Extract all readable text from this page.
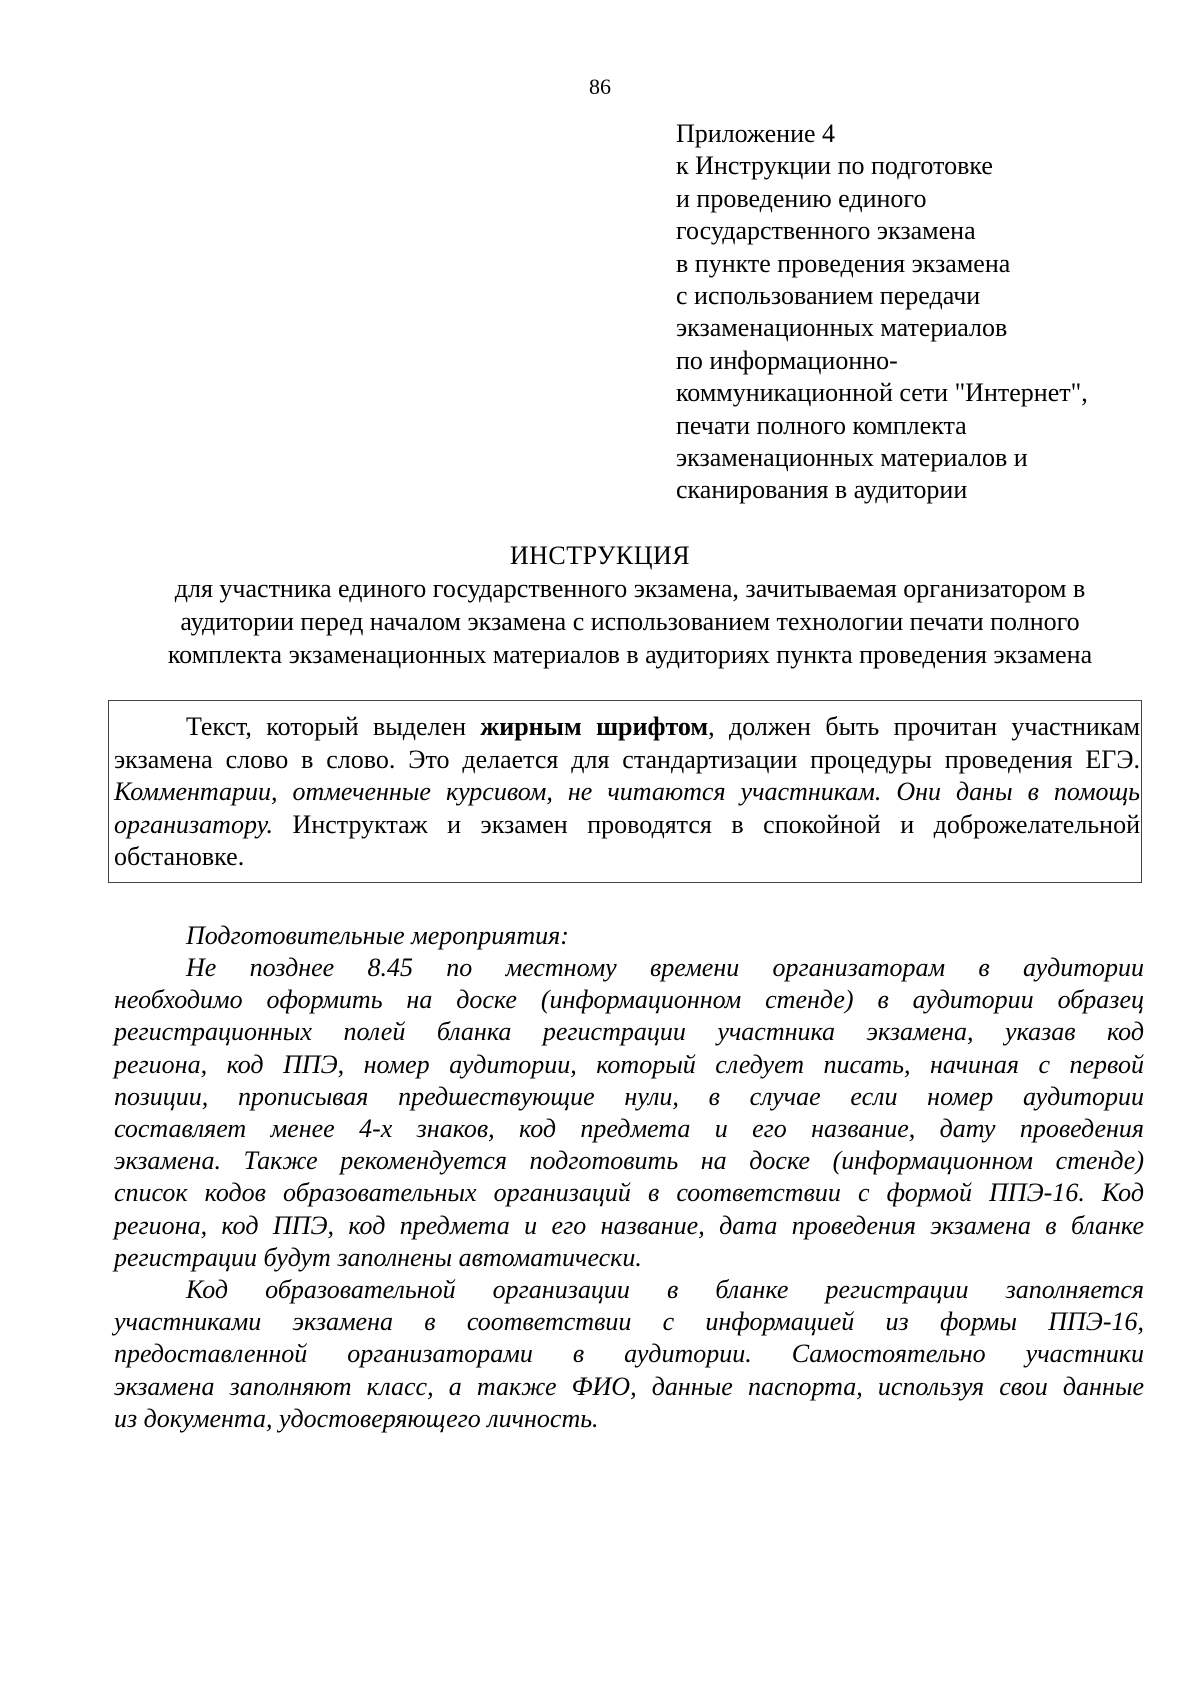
86
Приложение 4
к Инструкции по подготовке
и проведению единого
государственного экзамена
в пункте проведения экзамена
с использованием передачи
экзаменационных материалов
по информационно-
коммуникационной сети "Интернет",
печати полного комплекта
экзаменационных материалов и
сканирования в аудитории
ИНСТРУКЦИЯ
для участника единого государственного экзамена, зачитываемая организатором в
аудитории перед началом экзамена с использованием технологии печати полного
комплекта экзаменационных материалов в аудиториях пункта проведения экзамена
Текст, который выделен жирным шрифтом, должен быть прочитан участникам экзамена слово в слово. Это делается для стандартизации процедуры проведения ЕГЭ. Комментарии, отмеченные курсивом, не читаются участникам. Они даны в помощь организатору. Инструктаж и экзамен проводятся в спокойной и доброжелательной обстановке.
Подготовительные мероприятия:
Не позднее 8.45 по местному времени организаторам в аудитории
необходимо оформить на доске (информационном стенде) в аудитории образец
регистрационных полей бланка регистрации участника экзамена, указав код
региона, код ППЭ, номер аудитории, который следует писать, начиная с первой
позиции, прописывая предшествующие нули, в случае если номер аудитории
составляет менее 4-х знаков, код предмета и его название, дату проведения
экзамена. Также рекомендуется подготовить на доске (информационном стенде)
список кодов образовательных организаций в соответствии с формой ППЭ-16. Код
региона, код ППЭ, код предмета и его название, дата проведения экзамена в бланке
регистрации будут заполнены автоматически.
Код образовательной организации в бланке регистрации заполняется
участниками экзамена в соответствии с информацией из формы ППЭ-16,
предоставленной организаторами в аудитории. Самостоятельно участники
экзамена заполняют класс, а также ФИО, данные паспорта, используя свои данные
из документа, удостоверяющего личность.
